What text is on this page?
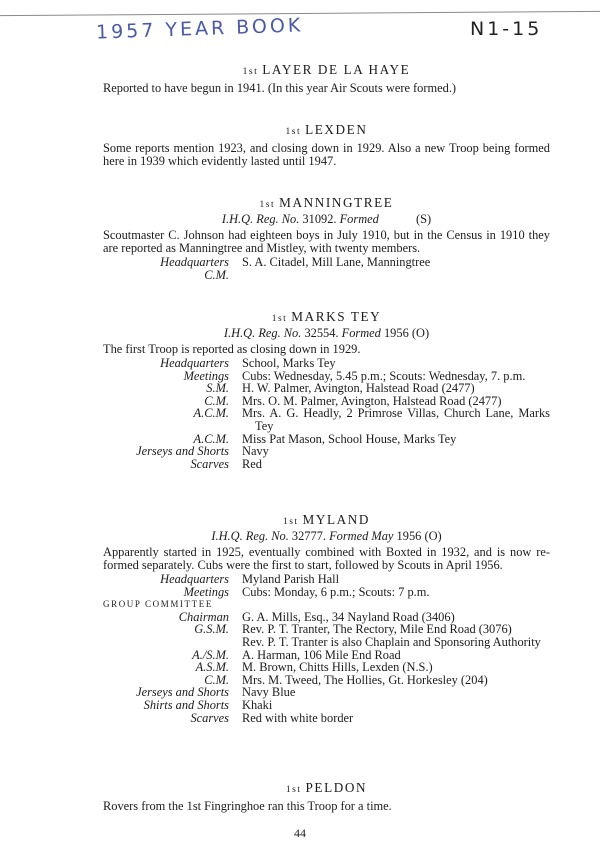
1957 YEAR BOOK	N1-15
1st LAYER DE LA HAYE

Reported to have begun in 1941. (In this year Air Scouts were formed.)

1st LEXDEN

Some reports mention 1923, and closing down in 1929. Also a new Troop being formed here in 1939 which evidently lasted until 1947.

1st MANNINGTREE
I.H.Q. Reg. No. 31092. Formed	(S)

Scoutmaster C. Johnson had eighteen boys in July 1910, but in the Census in 1910 they are reported as Manningtree and Mistley, with twenty members.

Headquarters S. A. Citadel, Mill Lane, Manningtree
C.M.
1st MARKS TEY
I.H.Q. Reg. No. 32554. Formed 1956 (O)

The first Troop is reported as closing down in 1929.

Headquarters School, Marks Tey
Meetings Cubs: Wednesday, 5.45 p.m.; Scouts: Wednesday, 7. p.m.
S.M. H. W. Palmer, Avington, Halstead Road (2477)
C.M. Mrs. O. M. Palmer, Avington, Halstead Road (2477)
A.C.M. Mrs. A. G. Headly, 2 Primrose Villas, Church Lane, Marks Tey
A.C.M. Miss Pat Mason, School House, Marks Tey
Jerseys and Shorts Navy
Scarves Red
1st MYLAND
I.H.Q. Reg. No. 32777. Formed May 1956 (O)

Apparently started in 1925, eventually combined with Boxted in 1932, and is now re-formed separately. Cubs were the first to start, followed by Scouts in April 1956.

Headquarters Myland Parish Hall
Meetings Cubs: Monday, 6 p.m.; Scouts: 7 p.m.
GROUP COMMITTEE
Chairman G. A. Mills, Esq., 34 Nayland Road (3406)
G.S.M. Rev. P. T. Tranter, The Rectory, Mile End Road (3076)
Rev. P. T. Tranter is also Chaplain and Sponsoring Authority
A./S.M. A. Harman, 106 Mile End Road
A.S.M. M. Brown, Chitts Hills, Lexden (N.S.)
C.M. Mrs. M. Tweed, The Hollies, Gt. Horkesley (204)
Jerseys and Shorts Navy Blue
Shirts and Shorts Khaki
Scarves Red with white border
1st PELDON

Rovers from the 1st Fingringhoe ran this Troop for a time.

44
